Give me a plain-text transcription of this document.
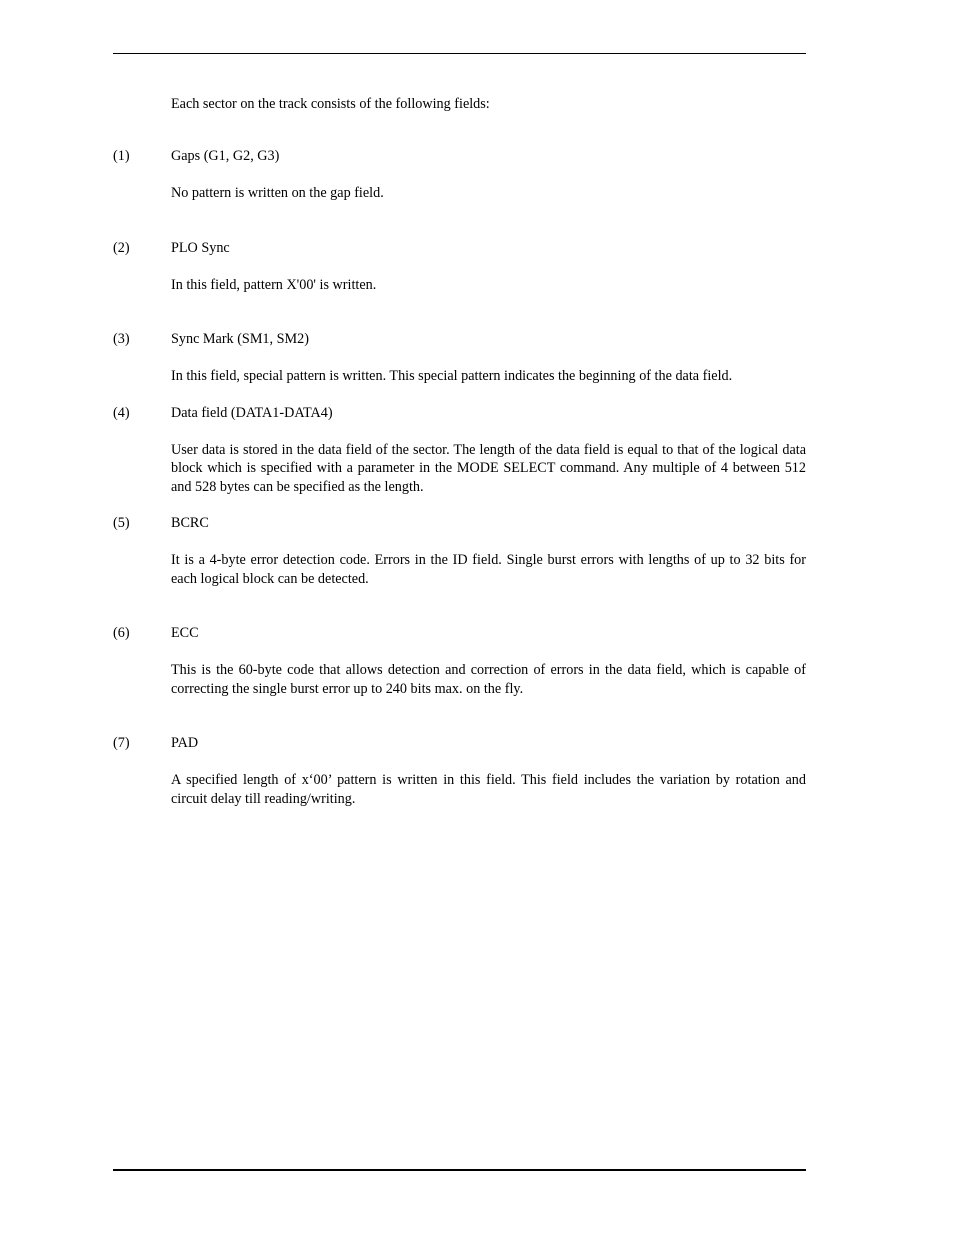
Each sector on the track consists of the following fields:

(1)	Gaps (G1, G2, G3)
No pattern is written on the gap field.
(2)	PLO Sync
In this field, pattern X'00' is written.
(3)	Sync Mark (SM1, SM2)
In this field, special pattern is written. This special pattern indicates the beginning of the data field.
(4)	Data field (DATA1-DATA4)
User data is stored in the data field of the sector. The length of the data field is equal to that of the logical data block which is specified with a parameter in the MODE SELECT command. Any multiple of 4 between 512 and 528 bytes can be specified as the length.
(5)	BCRC
It is a 4-byte error detection code. Errors in the ID field. Single burst errors with lengths of up to 32 bits for each logical block can be detected.
(6)	ECC
This is the 60-byte code that allows detection and correction of errors in the data field, which is capable of correcting the single burst error up to 240 bits max. on the fly.
(7)	PAD
A specified length of x‘00’ pattern is written in this field. This field includes the variation by rotation and circuit delay till reading/writing.
